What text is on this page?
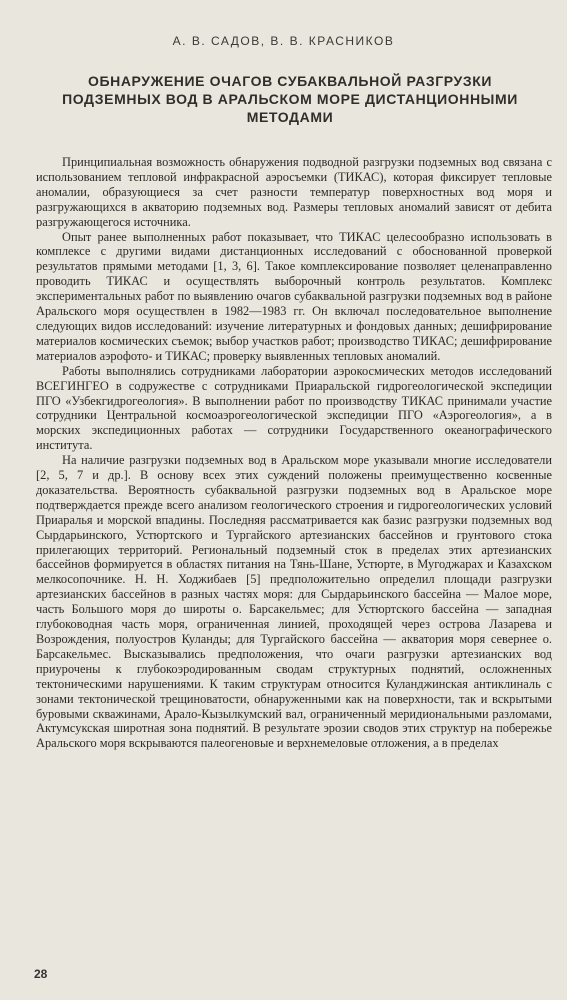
А. В. САДОВ, В. В. КРАСНИКОВ
ОБНАРУЖЕНИЕ ОЧАГОВ СУБАКВАЛЬНОЙ РАЗГРУЗКИ ПОДЗЕМНЫХ ВОД В АРАЛЬСКОМ МОРЕ ДИСТАНЦИОННЫМИ МЕТОДАМИ

Принципиальная возможность обнаружения подводной разгрузки подземных вод связана с использованием тепловой инфракрасной аэросъемки (ТИКАС), которая фиксирует тепловые аномалии, образующиеся за счет разности температур поверхностных вод моря и разгружающихся в акваторию подземных вод. Размеры тепловых аномалий зависят от дебита разгружающегося источника.

Опыт ранее выполненных работ показывает, что ТИКАС целесообразно использовать в комплексе с другими видами дистанционных исследований с обоснованной проверкой результатов прямыми методами [1, 3, 6]. Такое комплексирование позволяет целенаправленно проводить ТИКАС и осуществлять выборочный контроль результатов. Комплекс экспериментальных работ по выявлению очагов субаквальной разгрузки подземных вод в районе Аральского моря осуществлен в 1982—1983 гг. Он включал последовательное выполнение следующих видов исследований: изучение литературных и фондовых данных; дешифрирование материалов космических съемок; выбор участков работ; производство ТИКАС; дешифрирование материалов аэрофото- и ТИКАС; проверку выявленных тепловых аномалий.

Работы выполнялись сотрудниками лаборатории аэрокосмических методов исследований ВСЕГИНГЕО в содружестве с сотрудниками Приаральской гидрогеологической экспедиции ПГО «Узбекгидрогеология». В выполнении работ по производству ТИКАС принимали участие сотрудники Центральной космоаэрогеологической экспедиции ПГО «Аэрогеология», а в морских экспедиционных работах — сотрудники Государственного океанографического института.

На наличие разгрузки подземных вод в Аральском море указывали многие исследователи [2, 5, 7 и др.]. В основу всех этих суждений положены преимущественно косвенные доказательства. Вероятность субаквальной разгрузки подземных вод в Аральское море подтверждается прежде всего анализом геологического строения и гидрогеологических условий Приаралья и морской впадины. Последняя рассматривается как базис разгрузки подземных вод Сырдарьинского, Устюртского и Тургайского артезианских бассейнов и грунтового стока прилегающих территорий. Региональный подземный сток в пределах этих артезианских бассейнов формируется в областях питания на Тянь-Шане, Устюрте, в Мугоджарах и Казахском мелкосопочнике. Н. Н. Ходжибаев [5] предположительно определил площади разгрузки артезианских бассейнов в разных частях моря: для Сырдарьинского бассейна — Малое море, часть Большого моря до широты о. Барсакельмес; для Устюртского бассейна — западная глубоководная часть моря, ограниченная линией, проходящей через острова Лазарева и Возрождения, полуостров Куланды; для Тургайского бассейна — акватория моря севернее о. Барсакельмес. Высказывались предположения, что очаги разгрузки артезианских вод приурочены к глубокоэродированным сводам структурных поднятий, осложненных тектоническими нарушениями. К таким структурам относится Куланджинская антиклиналь с зонами тектонической трещиноватости, обнаруженными как на поверхности, так и вскрытыми буровыми скважинами, Арало-Кызылкумский вал, ограниченный меридиональными разломами, Актумсукская широтная зона поднятий. В результате эрозии сводов этих структур на побережье Аральского моря вскрываются палеогеновые и верхнемеловые отложения, а в пределах

28
